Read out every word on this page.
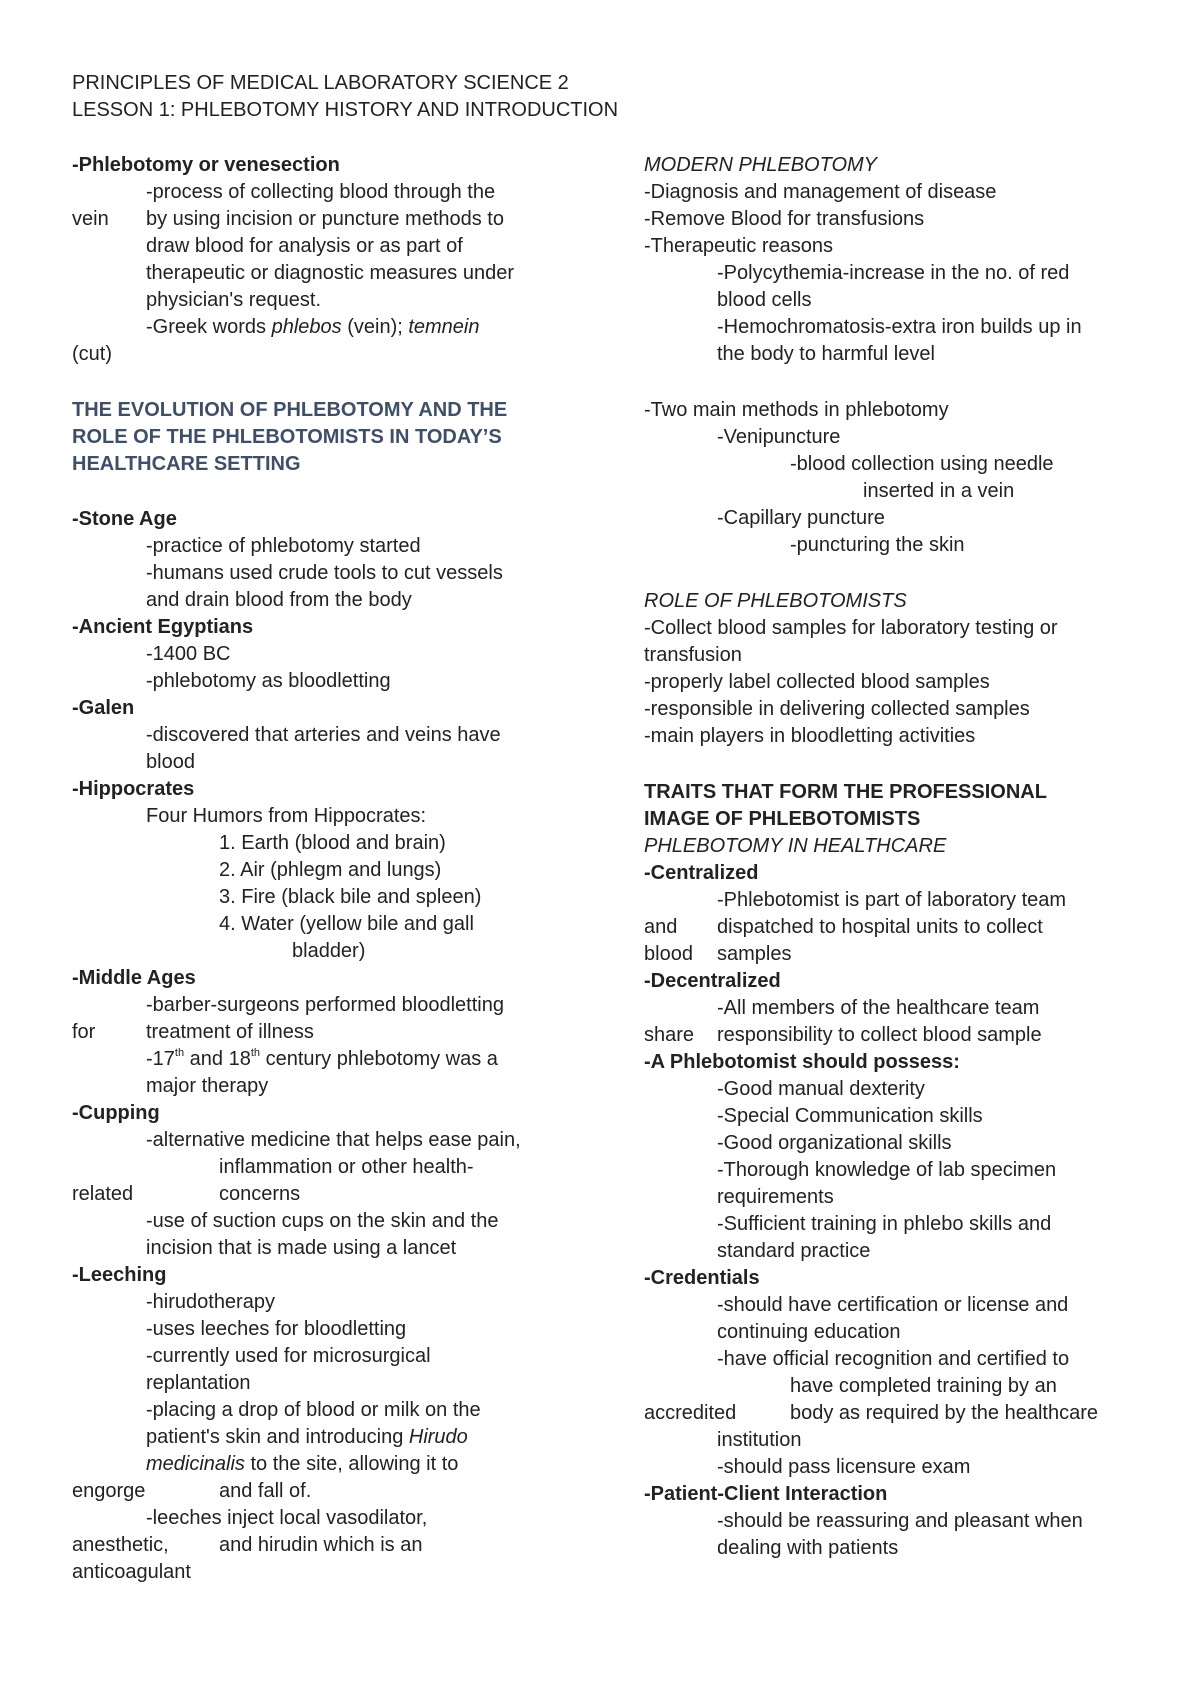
PRINCIPLES OF MEDICAL LABORATORY SCIENCE 2
LESSON 1: PHLEBOTOMY HISTORY AND INTRODUCTION
-Phlebotomy or venesection
-process of collecting blood through the
vein by using incision or puncture methods to
draw blood for analysis or as part of
therapeutic or diagnostic measures under
physician's request.
-Greek words phlebos (vein); temnein
(cut)
THE EVOLUTION OF PHLEBOTOMY AND THE
ROLE OF THE PHLEBOTOMISTS IN TODAY’S
HEALTHCARE SETTING
-Stone Age
-practice of phlebotomy started
-humans used crude tools to cut vessels
and drain blood from the body
-Ancient Egyptians
-1400 BC
-phlebotomy as bloodletting
-Galen
-discovered that arteries and veins have
blood
-Hippocrates
Four Humors from Hippocrates:
1. Earth (blood and brain)
2. Air (phlegm and lungs)
3. Fire (black bile and spleen)
4. Water (yellow bile and gall
bladder)
-Middle Ages
-barber-surgeons performed bloodletting
for	treatment of illness
-17th and 18th century phlebotomy was a
major therapy
-Cupping
-alternative medicine that helps ease pain,
inflammation or other health-
related	concerns
-use of suction cups on the skin and the
incision that is made using a lancet
-Leeching
-hirudotherapy
-uses leeches for bloodletting
-currently used for microsurgical
replantation
-placing a drop of blood or milk on the
patient's skin and introducing Hirudo
medicinalis to the site, allowing it to
engorge	and fall of.
-leeches inject local vasodilator,
anesthetic,	and hirudin which is an
anticoagulant
MODERN PHLEBOTOMY
-Diagnosis and management of disease
-Remove Blood for transfusions
-Therapeutic reasons
-Polycythemia-increase in the no. of red
blood cells
-Hemochromatosis-extra iron builds up in
the body to harmful level
-Two main methods in phlebotomy
-Venipuncture
-blood collection using needle
inserted in a vein
-Capillary puncture
-puncturing the skin
ROLE OF PHLEBOTOMISTS
-Collect blood samples for laboratory testing or
transfusion
-properly label collected blood samples
-responsible in delivering collected samples
-main players in bloodletting activities
TRAITS THAT FORM THE PROFESSIONAL
IMAGE OF PHLEBOTOMISTS
PHLEBOTOMY IN HEALTHCARE
-Centralized
-Phlebotomist is part of laboratory team
and dispatched to hospital units to collect
blood samples
-Decentralized
-All members of the healthcare team
share responsibility to collect blood sample
-A Phlebotomist should possess:
-Good manual dexterity
-Special Communication skills
-Good organizational skills
-Thorough knowledge of lab specimen
requirements
-Sufficient training in phlebo skills and
standard practice
-Credentials
-should have certification or license and
continuing education
-have official recognition and certified to
have completed training by an
accredited	body as required by the healthcare
institution
-should pass licensure exam
-Patient-Client Interaction
-should be reassuring and pleasant when
dealing with patients
